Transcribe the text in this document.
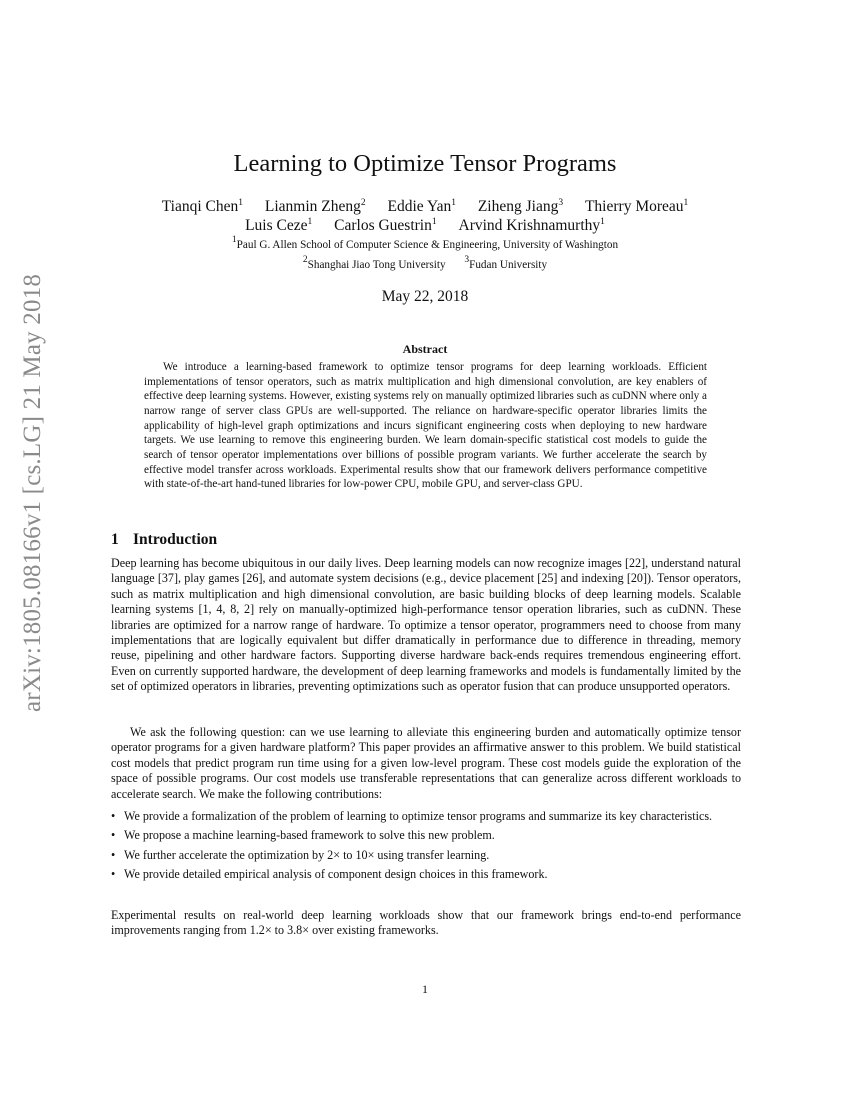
arXiv:1805.08166v1 [cs.LG] 21 May 2018
Learning to Optimize Tensor Programs
Tianqi Chen$^1$ Lianmin Zheng$^2$ Eddie Yan$^1$ Ziheng Jiang$^3$ Thierry Moreau$^1$
Luis Ceze$^1$ Carlos Guestrin$^1$ Arvind Krishnamurthy$^1$
$^1$Paul G. Allen School of Computer Science & Engineering, University of Washington
$^2$Shanghai Jiao Tong University $^3$Fudan University
May 22, 2018
Abstract

We introduce a learning-based framework to optimize tensor programs for deep learning workloads. Efficient implementations of tensor operators, such as matrix multiplication and high dimensional convolution, are key enablers of effective deep learning systems. However, existing systems rely on manually optimized libraries such as cuDNN where only a narrow range of server class GPUs are well-supported. The reliance on hardware-specific operator libraries limits the applicability of high-level graph optimizations and incurs significant engineering costs when deploying to new hardware targets. We use learning to remove this engineering burden. We learn domain-specific statistical cost models to guide the search of tensor operator implementations over billions of possible program variants. We further accelerate the search by effective model transfer across workloads. Experimental results show that our framework delivers performance competitive with state-of-the-art hand-tuned libraries for low-power CPU, mobile GPU, and server-class GPU.

1 Introduction

Deep learning has become ubiquitous in our daily lives. Deep learning models can now recognize images [22], understand natural language [37], play games [26], and automate system decisions (e.g., device placement [25] and indexing [20]). Tensor operators, such as matrix multiplication and high dimensional convolution, are basic building blocks of deep learning models. Scalable learning systems [1, 4, 8, 2] rely on manually-optimized high-performance tensor operation libraries, such as cuDNN. These libraries are optimized for a narrow range of hardware. To optimize a tensor operator, programmers need to choose from many implementations that are logically equivalent but differ dramatically in performance due to difference in threading, memory reuse, pipelining and other hardware factors. Supporting diverse hardware back-ends requires tremendous engineering effort. Even on currently supported hardware, the development of deep learning frameworks and models is fundamentally limited by the set of optimized operators in libraries, preventing optimizations such as operator fusion that can produce unsupported operators.

We ask the following question: can we use learning to alleviate this engineering burden and automatically optimize tensor operator programs for a given hardware platform? This paper provides an affirmative answer to this problem. We build statistical cost models that predict program run time using for a given low-level program. These cost models guide the exploration of the space of possible programs. Our cost models use transferable representations that can generalize across different workloads to accelerate search. We make the following contributions:

• We provide a formalization of the problem of learning to optimize tensor programs and summarize its key characteristics.
• We propose a machine learning-based framework to solve this new problem.
• We further accelerate the optimization by 2× to 10× using transfer learning.
• We provide detailed empirical analysis of component design choices in this framework.

Experimental results on real-world deep learning workloads show that our framework brings end-to-end performance improvements ranging from 1.2× to 3.8× over existing frameworks.

1
